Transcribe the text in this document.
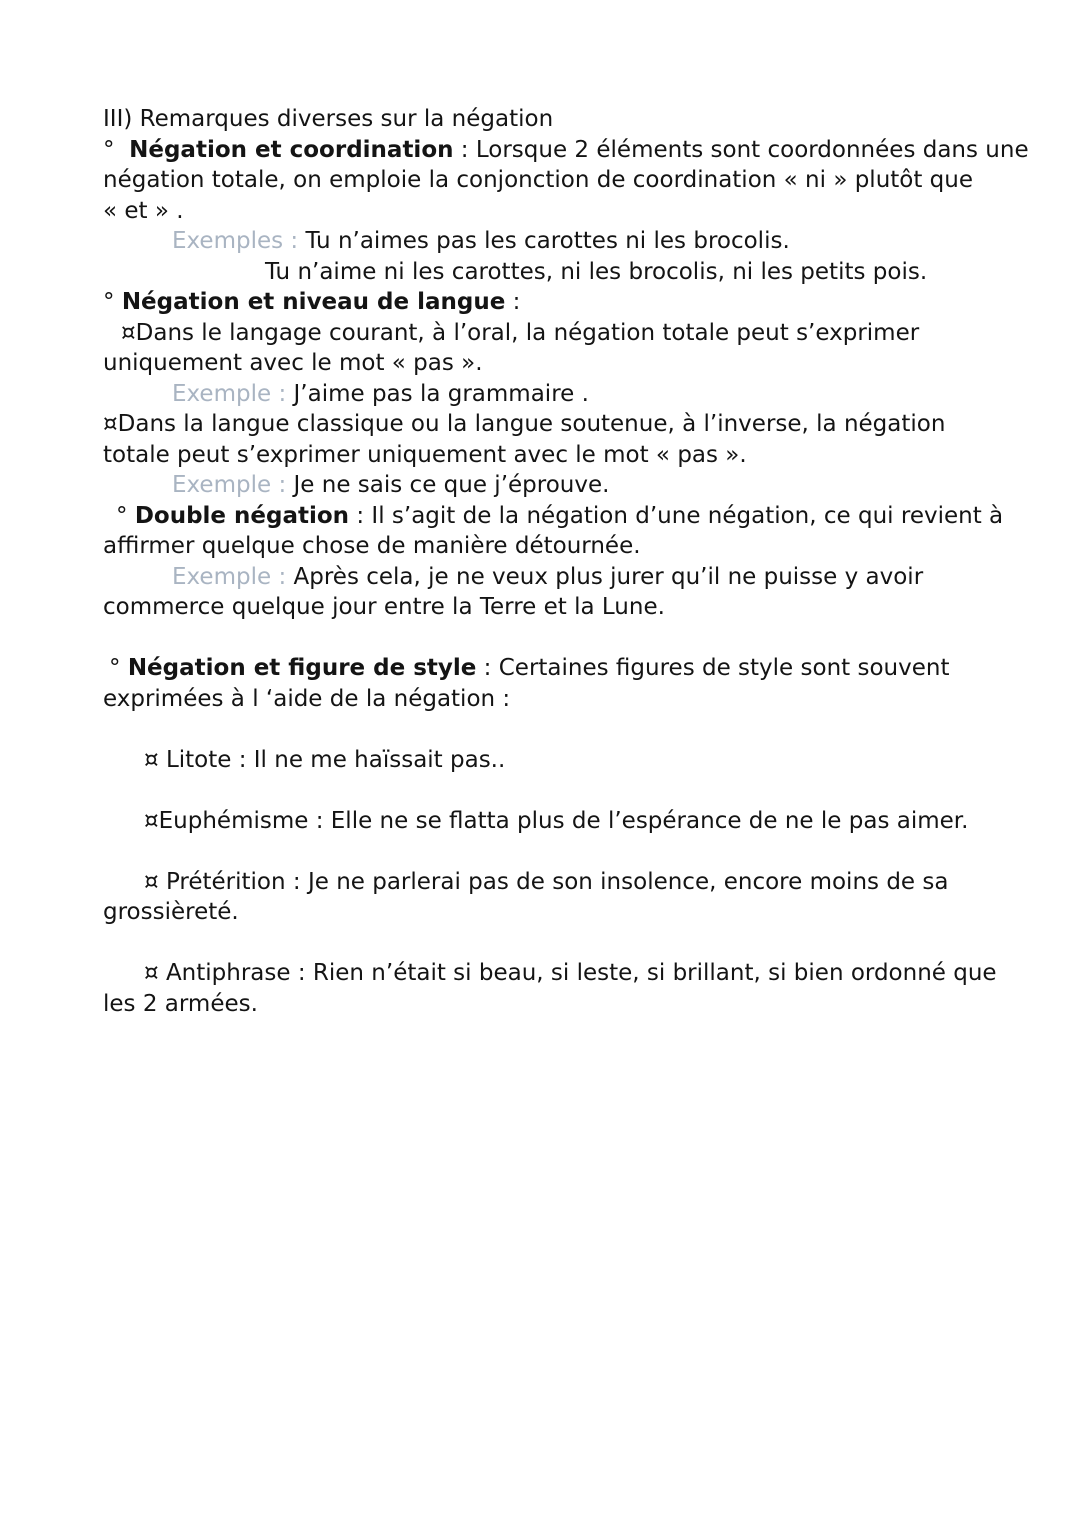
III) Remarques diverses sur la négation
° Négation et coordination : Lorsque 2 éléments sont coordonnées dans une
négation totale, on emploie la conjonction de coordination « ni » plutôt que
« et » .
Exemples : Tu n’aimes pas les carottes ni les brocolis.
Tu n’aime ni les carottes, ni les brocolis, ni les petits pois.
° Négation et niveau de langue :
¤Dans le langage courant, à l’oral, la négation totale peut s’exprimer
uniquement avec le mot « pas ».
Exemple : J’aime pas la grammaire .
¤Dans la langue classique ou la langue soutenue, à l’inverse, la négation
totale peut s’exprimer uniquement avec le mot « pas ».
Exemple : Je ne sais ce que j’éprouve.
° Double négation : Il s’agit de la négation d’une négation, ce qui revient à
affirmer quelque chose de manière détournée.
Exemple : Après cela, je ne veux plus jurer qu’il ne puisse y avoir
commerce quelque jour entre la Terre et la Lune.
° Négation et figure de style : Certaines figures de style sont souvent
exprimées à l ‘aide de la négation :
¤ Litote : Il ne me haïssait pas..
¤Euphémisme : Elle ne se flatta plus de l’espérance de ne le pas aimer.
¤ Prétérition : Je ne parlerai pas de son insolence, encore moins de sa
grossièreté.
¤ Antiphrase : Rien n’était si beau, si leste, si brillant, si bien ordonné que
les 2 armées.
